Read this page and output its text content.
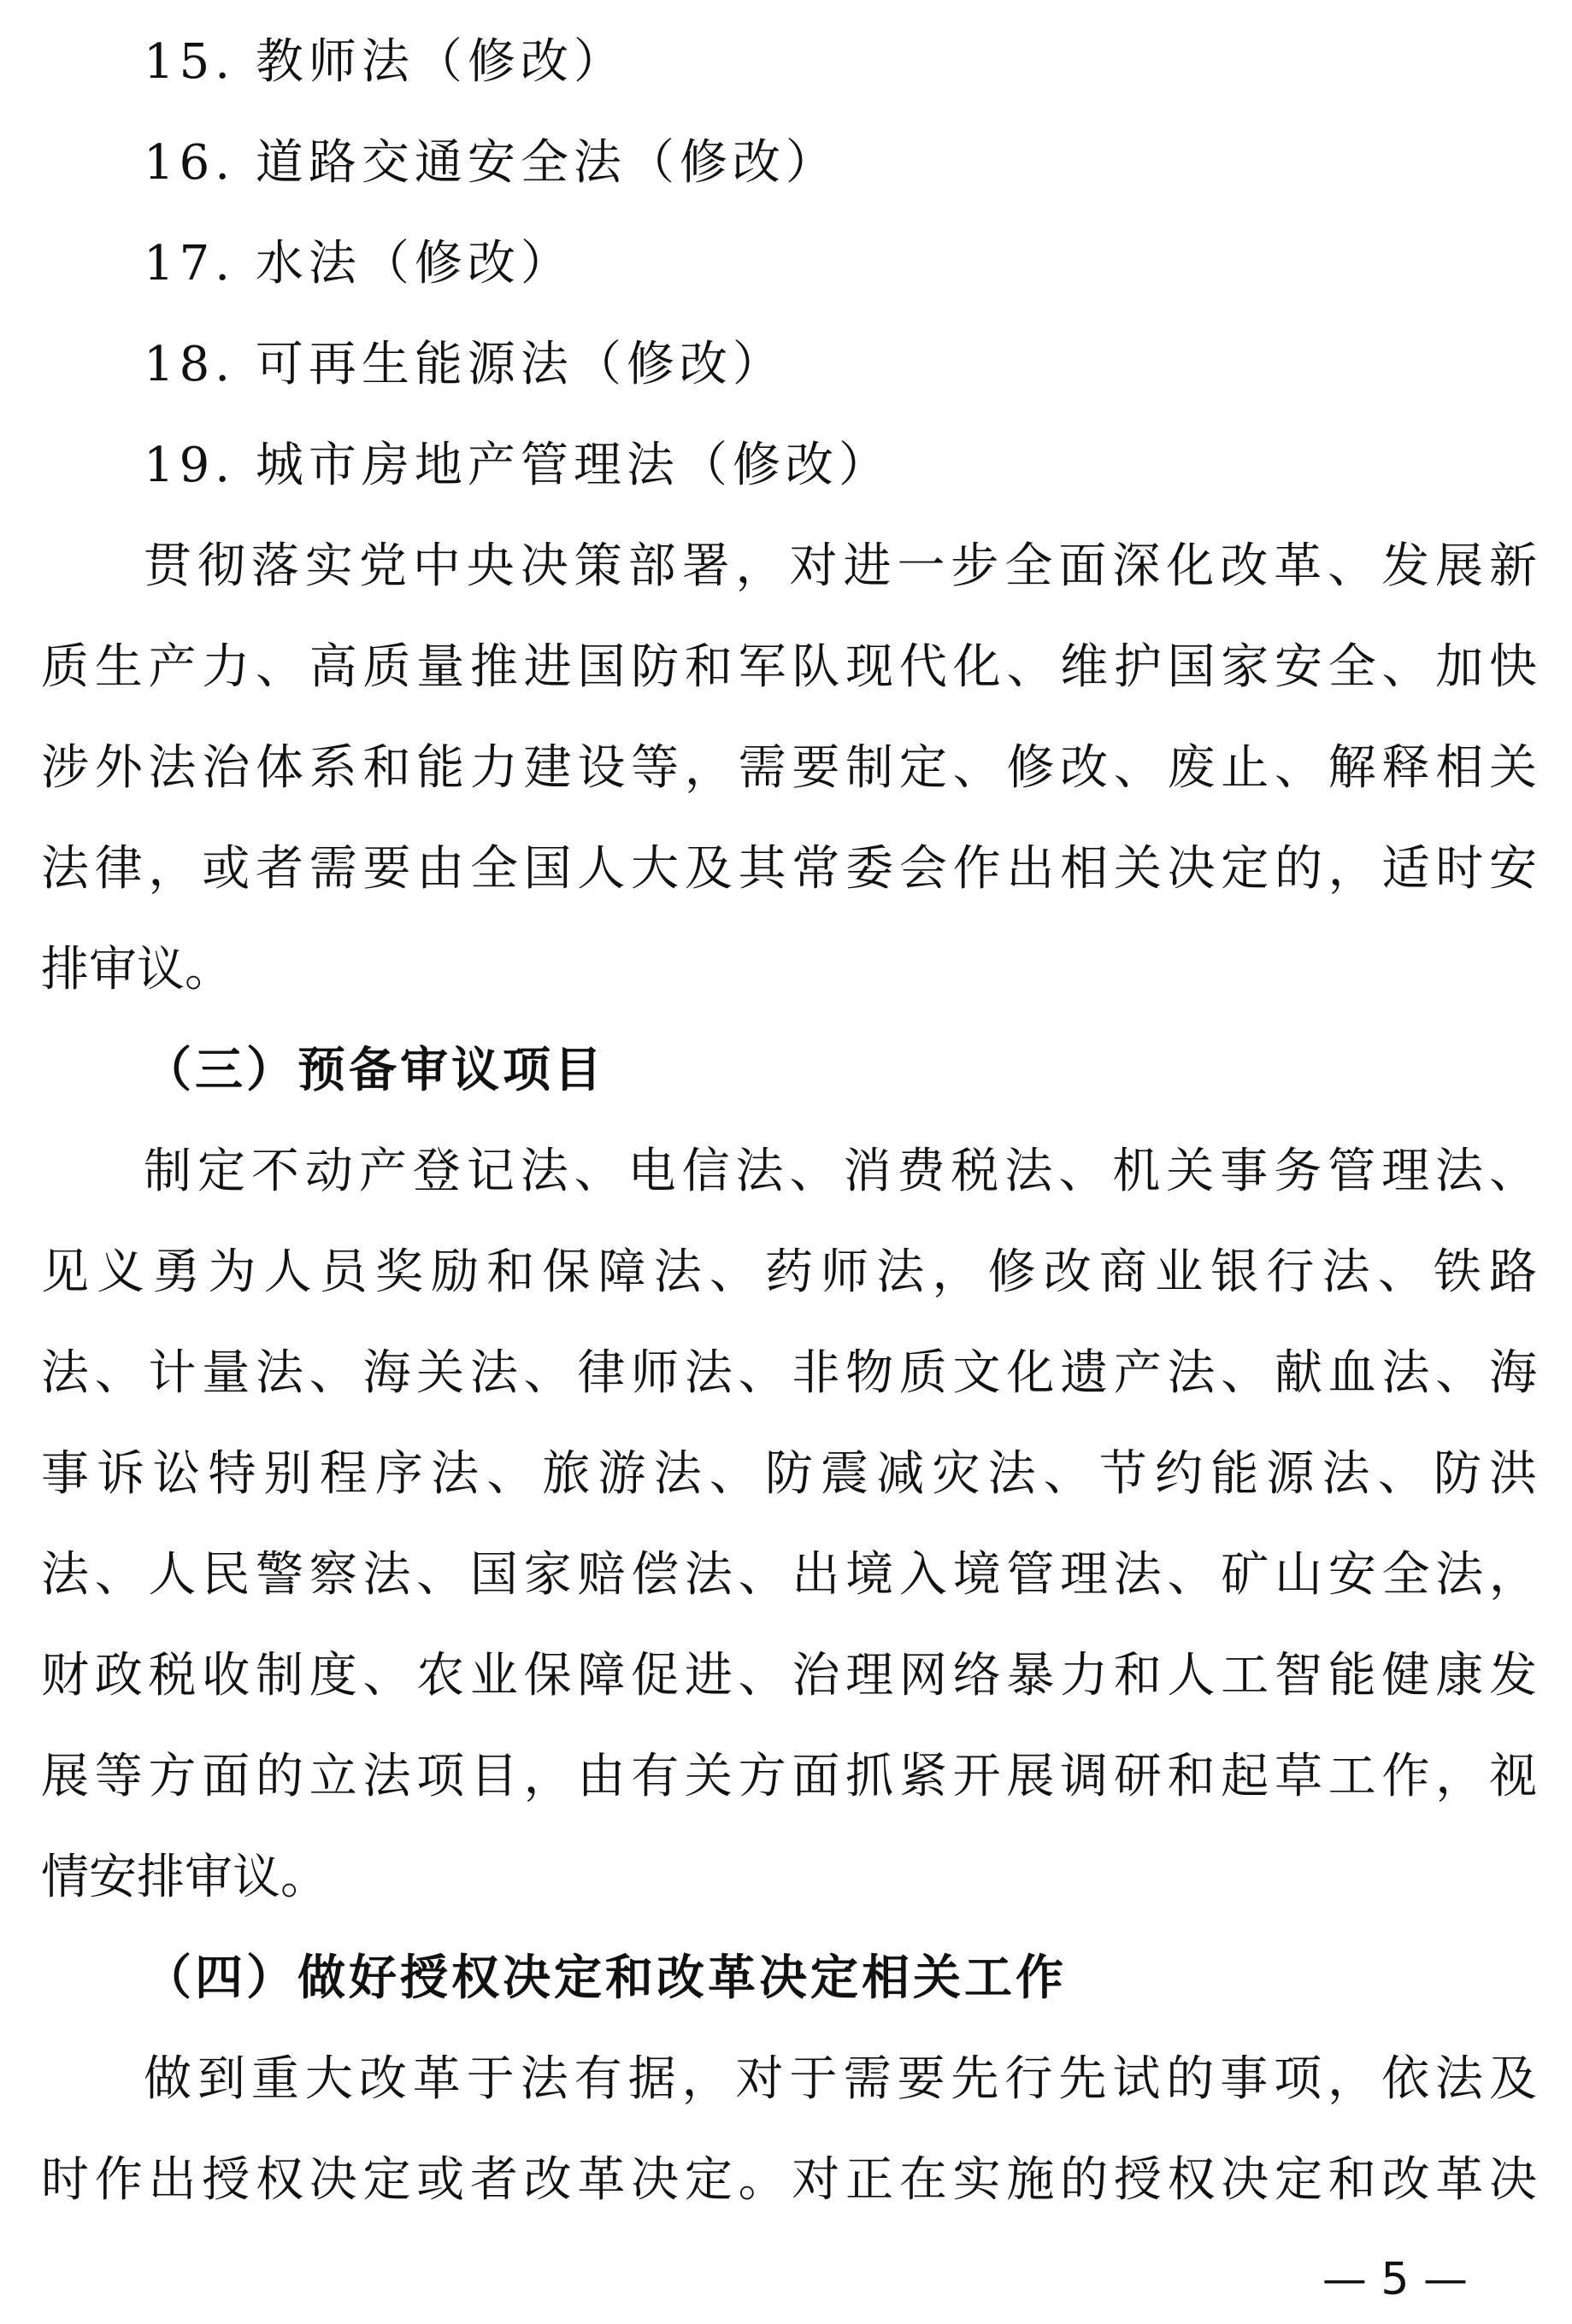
15. 教师法（修改）
16. 道路交通安全法（修改）
17. 水法（修改）
18. 可再生能源法（修改）
19. 城市房地产管理法（修改）
贯彻落实党中央决策部署，对进一步全面深化改革、发展新
质生产力、高质量推进国防和军队现代化、维护国家安全、加快
涉外法治体系和能力建设等，需要制定、修改、废止、解释相关
法律，或者需要由全国人大及其常委会作出相关决定的，适时安
排审议。
（三）预备审议项目
制定不动产登记法、电信法、消费税法、机关事务管理法、
见义勇为人员奖励和保障法、药师法，修改商业银行法、铁路
法、计量法、海关法、律师法、非物质文化遗产法、献血法、海
事诉讼特别程序法、旅游法、防震减灾法、节约能源法、防洪
法、人民警察法、国家赔偿法、出境入境管理法、矿山安全法，
财政税收制度、农业保障促进、治理网络暴力和人工智能健康发
展等方面的立法项目，由有关方面抓紧开展调研和起草工作，视
情安排审议。
（四）做好授权决定和改革决定相关工作
做到重大改革于法有据，对于需要先行先试的事项，依法及
时作出授权决定或者改革决定。对正在实施的授权决定和改革决
— 5 —
